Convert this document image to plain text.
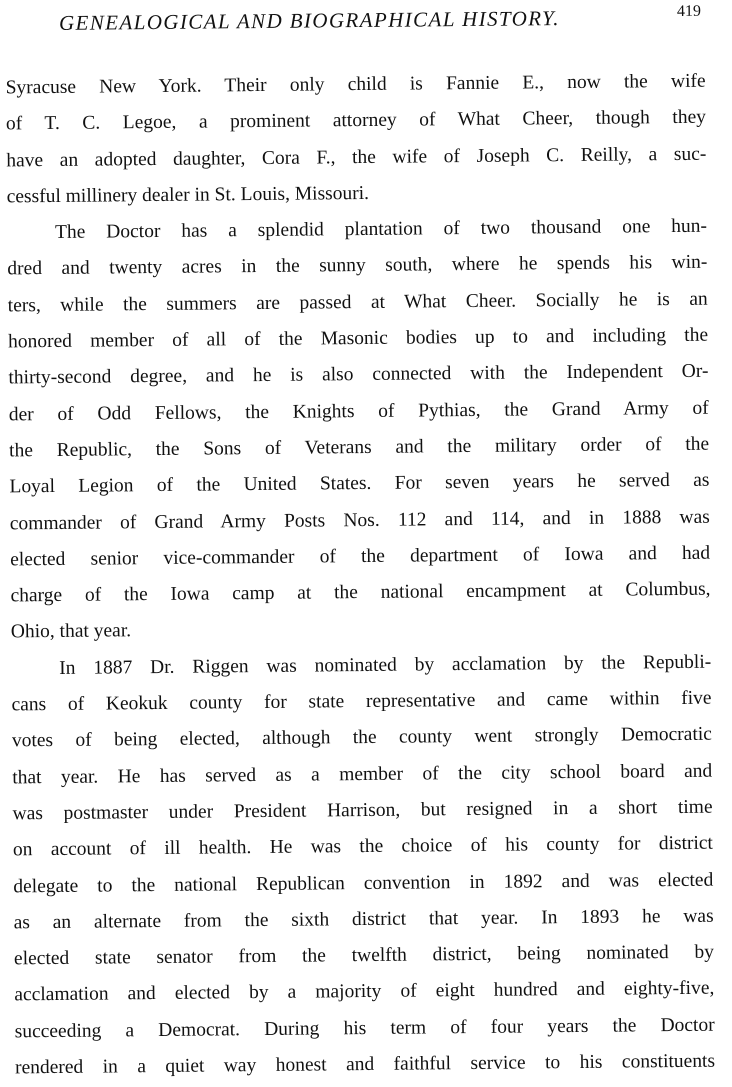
GENEALOGICAL AND BIOGRAPHICAL HISTORY.	419
Syracuse New York. Their only child is Fannie E., now the wife
of T. C. Legoe, a prominent attorney of What Cheer, though they
have an adopted daughter, Cora F., the wife of Joseph C. Reilly, a suc-
cessful millinery dealer in St. Louis, Missouri.
The Doctor has a splendid plantation of two thousand one hun-
dred and twenty acres in the sunny south, where he spends his win-
ters, while the summers are passed at What Cheer. Socially he is an
honored member of all of the Masonic bodies up to and including the
thirty-second degree, and he is also connected with the Independent Or-
der of Odd Fellows, the Knights of Pythias, the Grand Army of
the Republic, the Sons of Veterans and the military order of the
Loyal Legion of the United States. For seven years he served as
commander of Grand Army Posts Nos. 112 and 114, and in 1888 was
elected senior vice-commander of the department of Iowa and had
charge of the Iowa camp at the national encampment at Columbus,
Ohio, that year.
In 1887 Dr. Riggen was nominated by acclamation by the Republi-
cans of Keokuk county for state representative and came within five
votes of being elected, although the county went strongly Democratic
that year. He has served as a member of the city school board and
was postmaster under President Harrison, but resigned in a short time
on account of ill health. He was the choice of his county for district
delegate to the national Republican convention in 1892 and was elected
as an alternate from the sixth district that year. In 1893 he was
elected state senator from the twelfth district, being nominated by
acclamation and elected by a majority of eight hundred and eighty-five,
succeeding a Democrat. During his term of four years the Doctor
rendered in a quiet way honest and faithful service to his constituents
